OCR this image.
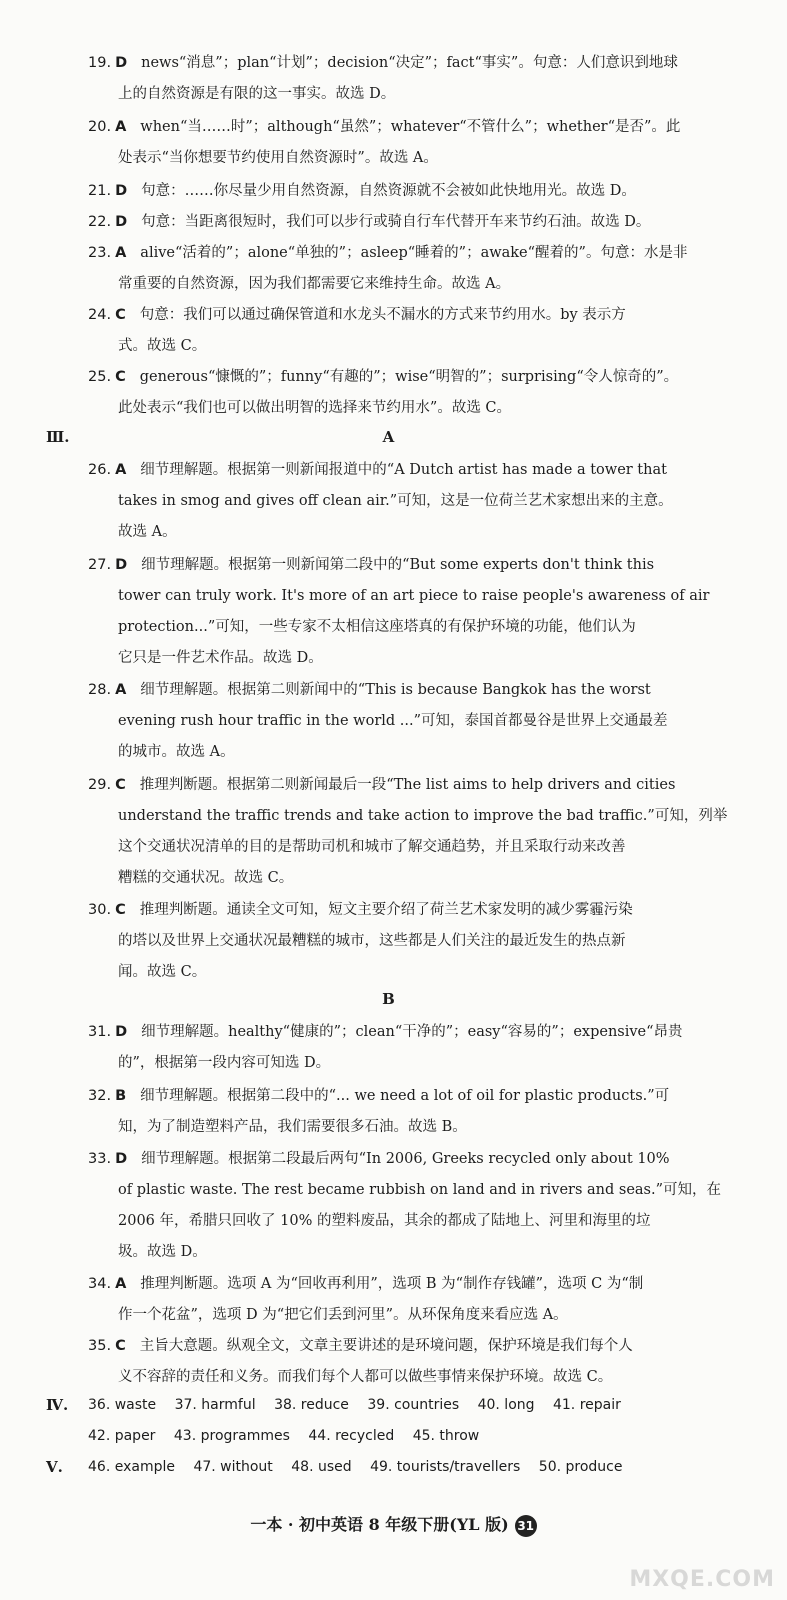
19. D news“消息”；plan“计划”；decision“决定”；fact“事实”。句意：人们意识到地球
上的自然资源是有限的这一事实。故选 D。
20. A when“当……时”；although“虽然”；whatever“不管什么”；whether“是否”。此
处表示“当你想要节约使用自然资源时”。故选 A。
21. D 句意：……你尽量少用自然资源，自然资源就不会被如此快地用光。故选 D。
22. D 句意：当距离很短时，我们可以步行或骑自行车代替开车来节约石油。故选 D。
23. A alive“活着的”；alone“单独的”；asleep“睡着的”；awake“醒着的”。句意：水是非
常重要的自然资源，因为我们都需要它来维持生命。故选 A。
24. C 句意：我们可以通过确保管道和水龙头不漏水的方式来节约用水。by 表示方
式。故选 C。
25. C generous“慷慨的”；funny“有趣的”；wise“明智的”；surprising“令人惊奇的”。
此处表示“我们也可以做出明智的选择来节约用水”。故选 C。
Ⅲ.	A
26. A 细节理解题。根据第一则新闻报道中的“A Dutch artist has made a tower that
takes in smog and gives off clean air.”可知，这是一位荷兰艺术家想出来的主意。
故选 A。
27. D 细节理解题。根据第一则新闻第二段中的“But some experts don't think this
tower can truly work. It's more of an art piece to raise people's awareness of air
protection...”可知，一些专家不太相信这座塔真的有保护环境的功能，他们认为
它只是一件艺术作品。故选 D。
28. A 细节理解题。根据第二则新闻中的“This is because Bangkok has the worst
evening rush hour traffic in the world ...”可知，泰国首都曼谷是世界上交通最差
的城市。故选 A。
29. C 推理判断题。根据第二则新闻最后一段“The list aims to help drivers and cities
understand the traffic trends and take action to improve the bad traffic.”可知，列举
这个交通状况清单的目的是帮助司机和城市了解交通趋势，并且采取行动来改善
糟糕的交通状况。故选 C。
30. C 推理判断题。通读全文可知，短文主要介绍了荷兰艺术家发明的减少雾霾污染
的塔以及世界上交通状况最糟糕的城市，这些都是人们关注的最近发生的热点新
闻。故选 C。
B
31. D 细节理解题。healthy“健康的”；clean“干净的”；easy“容易的”；expensive“昂贵
的”，根据第一段内容可知选 D。
32. B 细节理解题。根据第二段中的“... we need a lot of oil for plastic products.”可
知，为了制造塑料产品，我们需要很多石油。故选 B。
33. D 细节理解题。根据第二段最后两句“In 2006, Greeks recycled only about 10%
of plastic waste. The rest became rubbish on land and in rivers and seas.”可知，在
2006 年，希腊只回收了 10% 的塑料废品，其余的都成了陆地上、河里和海里的垃
圾。故选 D。
34. A 推理判断题。选项 A 为“回收再利用”，选项 B 为“制作存钱罐”，选项 C 为“制
作一个花盆”，选项 D 为“把它们丢到河里”。从环保角度来看应选 A。
35. C 主旨大意题。纵观全文，文章主要讲述的是环境问题，保护环境是我们每个人
义不容辞的责任和义务。而我们每个人都可以做些事情来保护环境。故选 C。
Ⅳ. 36. waste 37. harmful 38. reduce 39. countries 40. long 41. repair
42. paper 43. programmes 44. recycled 45. throw
Ⅴ. 46. example 47. without 48. used 49. tourists/travellers 50. produce
一本 · 初中英语 8 年级下册(YL 版) 31
MXQE.COM
